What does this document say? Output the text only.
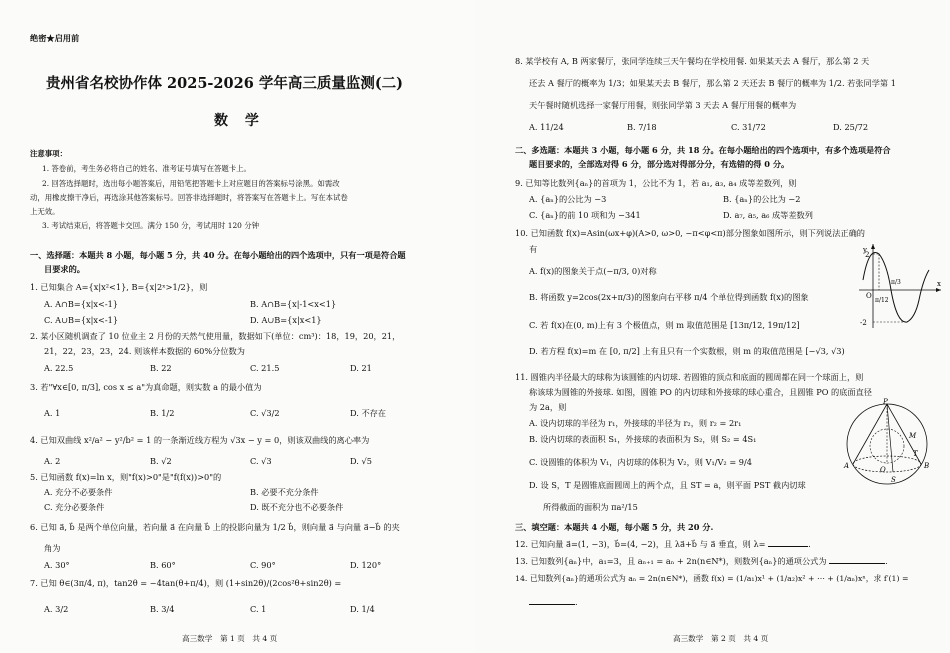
绝密★启用前
贵州省名校协作体 2025-2026 学年高三质量监测(二)
数 学
注意事项：
1. 答卷前，考生务必将自己的姓名、准考证号填写在答题卡上。
2. 回答选择题时，选出每小题答案后，用铅笔把答题卡上对应题目的答案标号涂黑。如需改
动，用橡皮擦干净后，再选涂其他答案标号。回答非选择题时，将答案写在答题卡上。写在本试卷
上无效。
3. 考试结束后，将答题卡交回。满分 150 分，考试用时 120 分钟
一、选择题：本题共 8 小题，每小题 5 分，共 40 分。在每小题给出的四个选项中，只有一项是符合题
目要求的。
1. 已知集合 A={x|x²<1}, B={x|2ˣ>1/2}，则
A. A∩B={x|x<-1}	B. A∩B={x|-1<x<1}
C. A∪B={x|x<-1}	D. A∪B={x|x<1}
2. 某小区随机调查了 10 位业主 2 月份的天然气使用量，数据如下(单位：cm³)：18，19，20，21，
21，22，23，23，24. 则该样本数据的 60%分位数为
A. 22.5	B. 22	C. 21.5	D. 21
3. 若"∀x∈[0, π/3], cos x ≤ a"为真命题，则实数 a 的最小值为
A. 1	B. 1/2	C. √3/2	D. 不存在
4. 已知双曲线 x²/a² − y²/b² = 1 的一条渐近线方程为 √3x − y = 0，则该双曲线的离心率为
A. 2	B. √2	C. √3	D. √5
5. 已知函数 f(x)=ln x，则"f(x)>0"是"f(f(x))>0"的
A. 充分不必要条件	B. 必要不充分条件
C. 充分必要条件	D. 既不充分也不必要条件
6. 已知 a⃗, b⃗ 是两个单位向量，若向量 a⃗ 在向量 b⃗ 上的投影向量为 1/2 b⃗，则向量 a⃗ 与向量 a⃗−b⃗ 的夹
角为
A. 30°	B. 60°	C. 90°	D. 120°
7. 已知 θ∈(3π/4, π)，tan2θ = −4tan(θ+π/4)，则 (1+sin2θ)/(2cos²θ+sin2θ) =
A. 3/2	B. 3/4	C. 1	D. 1/4
高三数学　第 1 页　共 4 页
8. 某学校有 A, B 两家餐厅，张同学连续三天午餐均在学校用餐. 如果某天去 A 餐厅，那么第 2 天
还去 A 餐厅的概率为 1/3；如果某天去 B 餐厅，那么第 2 天还去 B 餐厅的概率为 1/2. 若张同学第 1
天午餐时随机选择一家餐厅用餐，则张同学第 3 天去 A 餐厅用餐的概率为
A. 11/24	B. 7/18	C. 31/72	D. 25/72
二、多选题：本题共 3 小题，每小题 6 分，共 18 分。在每小题给出的四个选项中，有多个选项是符合
题目要求的，全部选对得 6 分，部分选对得部分分，有选错的得 0 分。
9. 已知等比数列{aₙ}的首项为 1，公比不为 1，若 a₁, a₃, a₄ 成等差数列，则
A. {aₙ}的公比为 −3	B. {aₙ}的公比为 −2
C. {aₙ}的前 10 项和为 −341	D. a₇, a₅, a₆ 成等差数列
10. 已知函数 f(x)=Asin(ωx+φ)(A>0, ω>0, −π<φ<π)部分图象如图所示，则下列说法正确的
有
A. f(x)的图象关于点(−π/3, 0)对称
B. 将函数 y=2cos(2x+π/3)的图象向右平移 π/4 个单位得到函数 f(x)的图象
C. 若 f(x)在(0, m)上有 3 个极值点，则 m 取值范围是 [13π/12, 19π/12]
D. 若方程 f(x)=m 在 [0, π/2] 上有且只有一个实数根，则 m 的取值范围是 [−√3, √3)
y
x
2
-2
O
π/12
π/3
11. 圆锥内半径最大的球称为该圆锥的内切球. 若圆锥的顶点和底面的圆周都在同一个球面上，则
称该球为圆锥的外接球. 如图，圆锥 PO 的内切球和外接球的球心重合，且圆锥 PO 的底面直径
为 2a，则
A. 设内切球的半径为 r₁，外接球的半径为 r₂，则 r₂ = 2r₁
B. 设内切球的表面积 S₁，外接球的表面积为 S₂，则 S₂ = 4S₁
C. 设圆锥的体积为 V₁，内切球的体积为 V₂，则 V₁/V₂ = 9/4
D. 设 S，T 是圆锥底面圆周上的两个点，且 ST = a，则平面 PST 截内切球
所得截面的面积为 πa²/15
P
M
A	B
O
S
T
三、填空题：本题共 4 小题，每小题 5 分，共 20 分.
12. 已知向量 a⃗=(1, −3)，b⃗=(4, −2)，且 λa⃗+b⃗ 与 a⃗ 垂直，则 λ=	.
13. 已知数列{aₙ}中，a₁=3，且 aₙ₊₁ = aₙ + 2n(n∈N*)，则数列{aₙ}的通项公式为	.
14. 已知数列{aₙ}的通项公式为 aₙ = 2n(n∈N*)，函数 f(x) = (1/a₁)x¹ + (1/a₂)x² + ⋯ + (1/aₙ)xⁿ，求 f′(1) =
.
高三数学　第 2 页　共 4 页
